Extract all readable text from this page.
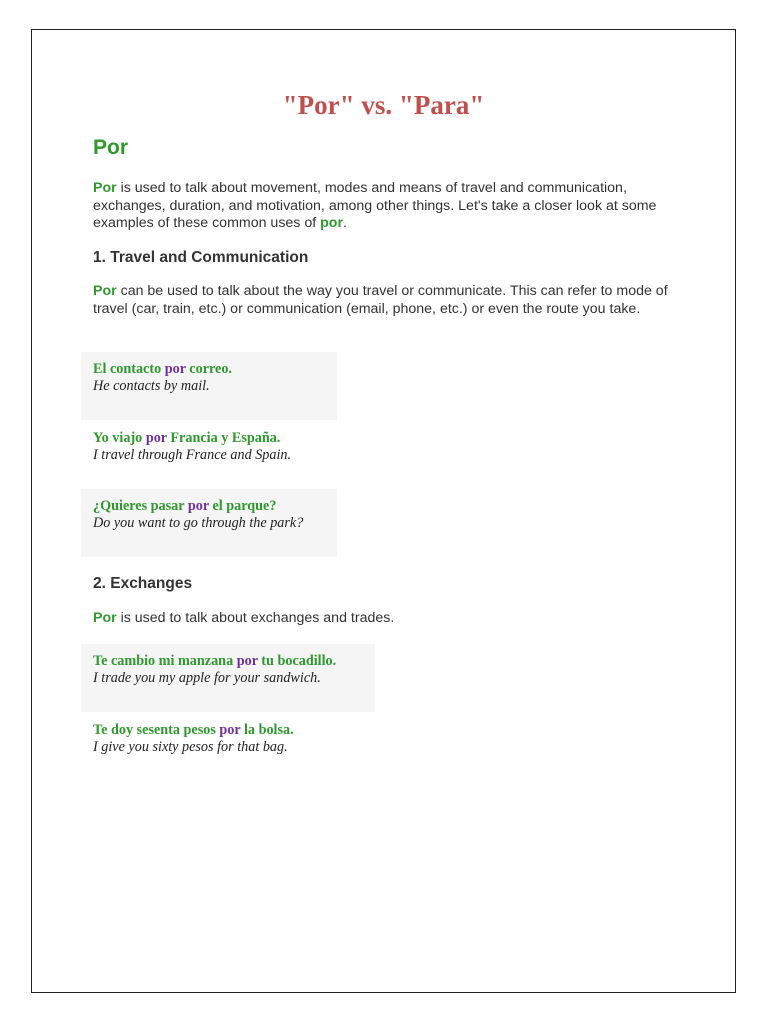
"Por" vs. "Para"
Por

Por is used to talk about movement, modes and means of travel and communication, exchanges, duration, and motivation, among other things. Let's take a closer look at some examples of these common uses of por.

1. Travel and Communication

Por can be used to talk about the way you travel or communicate. This can refer to mode of travel (car, train, etc.) or communication (email, phone, etc.) or even the route you take.

El contacto por correo.
He contacts by mail.
Yo viajo por Francia y España.
I travel through France and Spain.
¿Quieres pasar por el parque?
Do you want to go through the park?
2. Exchanges

Por is used to talk about exchanges and trades.

Te cambio mi manzana por tu bocadillo.
I trade you my apple for your sandwich.
Te doy sesenta pesos por la bolsa.
I give you sixty pesos for that bag.
